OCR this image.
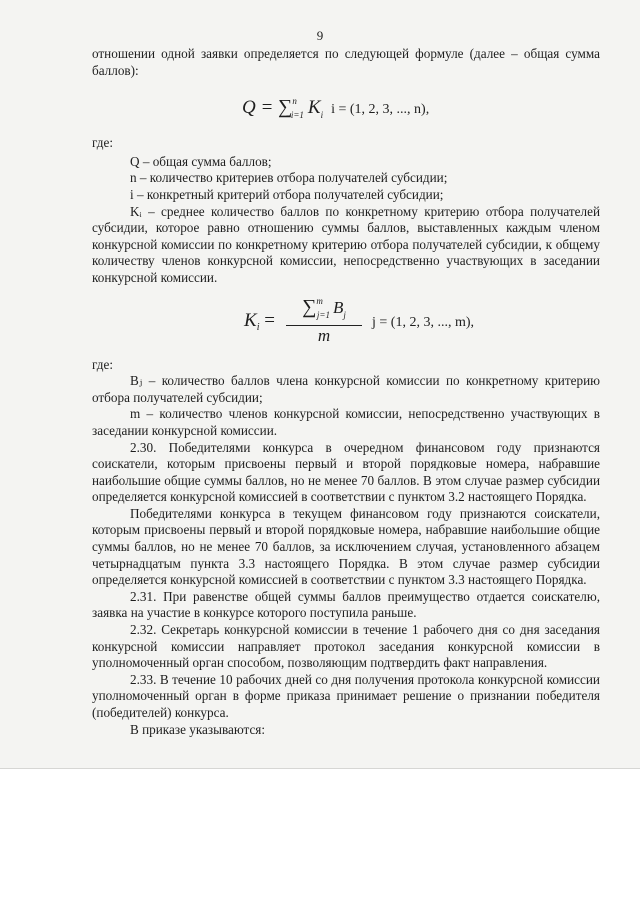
9

отношении одной заявки определяется по следующей формуле (далее – общая сумма баллов):

Q = ∑$^n_{i=1}$ $K_i$ i = (1, 2, 3, ..., n),

где:

Q – общая сумма баллов;

n – количество критериев отбора получателей субсидии;

i – конкретный критерий отбора получателей субсидии;

Kᵢ – среднее количество баллов по конкретному критерию отбора получателей субсидии, которое равно отношению суммы баллов, выставленных каждым членом конкурсной комиссии по конкретному критерию отбора получателей субсидии, к общему количеству членов конкурсной комиссии, непосредственно участвующих в заседании конкурсной комиссии.

$K_i = \frac{\sum^m_{j=1} B_j}{m}$ j = (1, 2, 3, ..., m),

где:

Bⱼ – количество баллов члена конкурсной комиссии по конкретному критерию отбора получателей субсидии;

m – количество членов конкурсной комиссии, непосредственно участвующих в заседании конкурсной комиссии.

2.30. Победителями конкурса в очередном финансовом году признаются соискатели, которым присвоены первый и второй порядковые номера, набравшие наибольшие общие суммы баллов, но не менее 70 баллов. В этом случае размер субсидии определяется конкурсной комиссией в соответствии с пунктом 3.2 настоящего Порядка.

Победителями конкурса в текущем финансовом году признаются соискатели, которым присвоены первый и второй порядковые номера, набравшие наибольшие общие суммы баллов, но не менее 70 баллов, за исключением случая, установленного абзацем четырнадцатым пункта 3.3 настоящего Порядка. В этом случае размер субсидии определяется конкурсной комиссией в соответствии с пунктом 3.3 настоящего Порядка.

2.31. При равенстве общей суммы баллов преимущество отдается соискателю, заявка на участие в конкурсе которого поступила раньше.

2.32. Секретарь конкурсной комиссии в течение 1 рабочего дня со дня заседания конкурсной комиссии направляет протокол заседания конкурсной комиссии в уполномоченный орган способом, позволяющим подтвердить факт направления.

2.33. В течение 10 рабочих дней со дня получения протокола конкурсной комиссии уполномоченный орган в форме приказа принимает решение о признании победителя (победителей) конкурса.

В приказе указываются:
